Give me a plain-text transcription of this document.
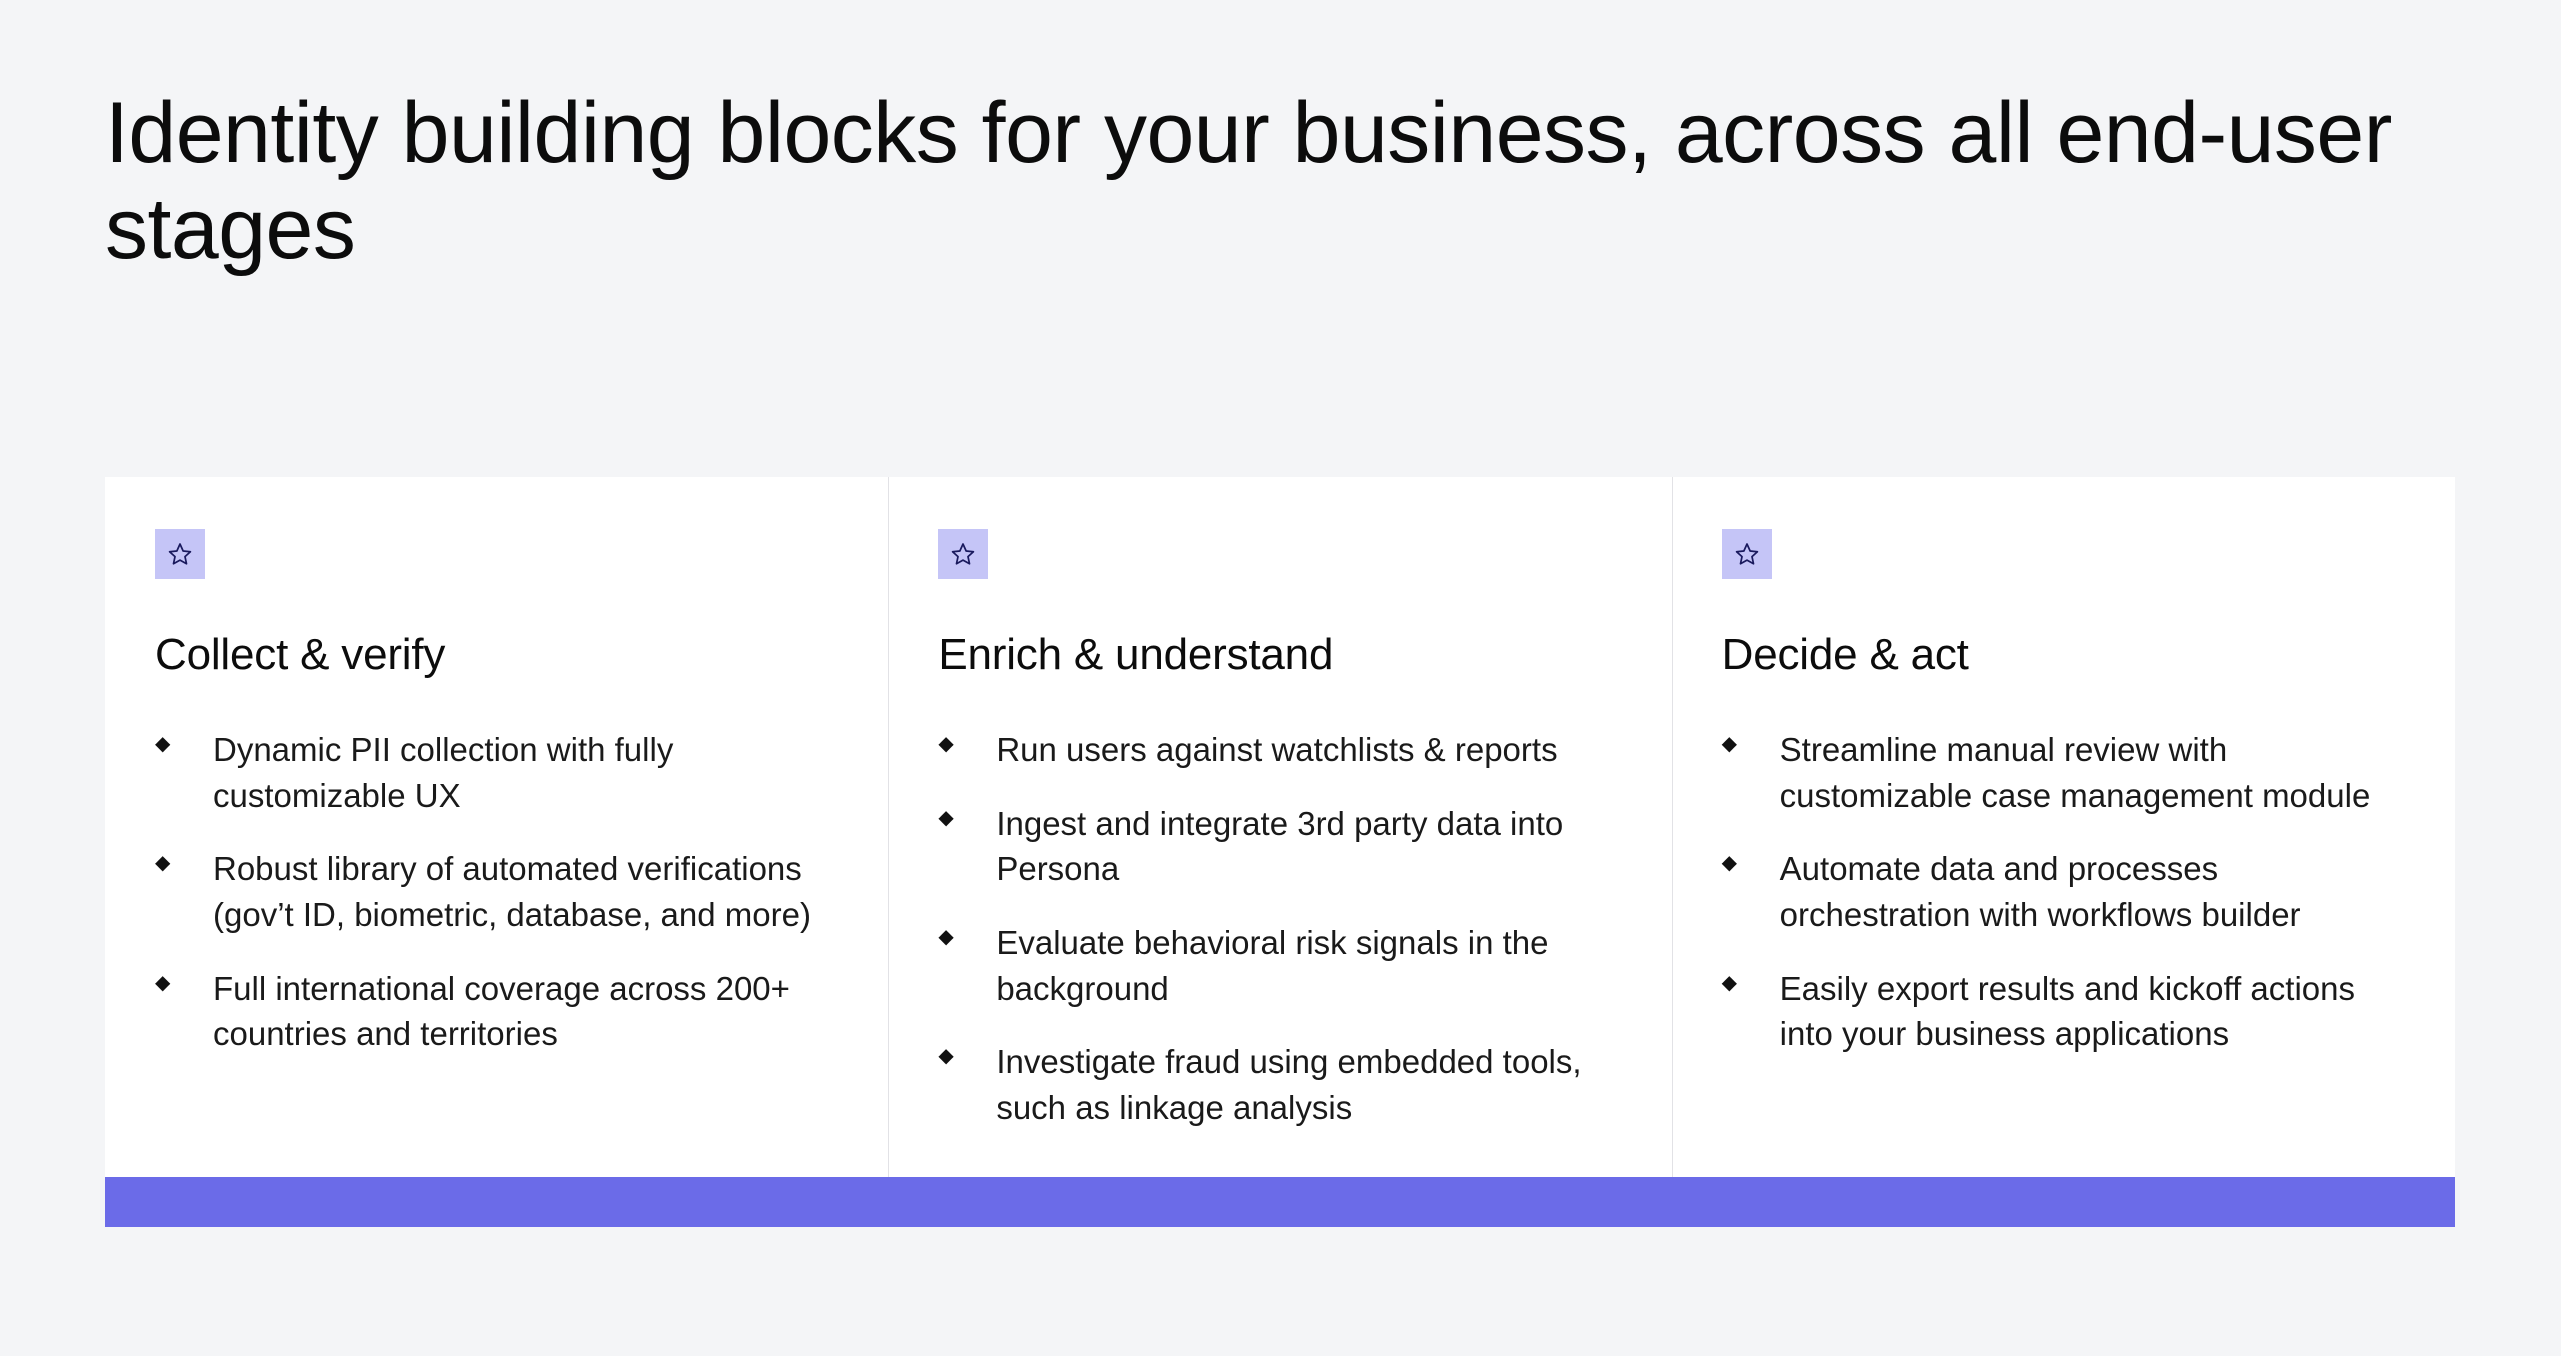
Identity building blocks for your business, across all end-user stages
Collect & verify
◆ Dynamic PII collection with fully customizable UX
◆ Robust library of automated verifications (gov’t ID, biometric, database, and more)
◆ Full international coverage across 200+ countries and territories
Enrich & understand
◆ Run users against watchlists & reports
◆ Ingest and integrate 3rd party data into Persona
◆ Evaluate behavioral risk signals in the background
◆ Investigate fraud using embedded tools, such as linkage analysis
Decide & act
◆ Streamline manual review with customizable case management module
◆ Automate data and processes orchestration with workflows builder
◆ Easily export results and kickoff actions into your business applications
